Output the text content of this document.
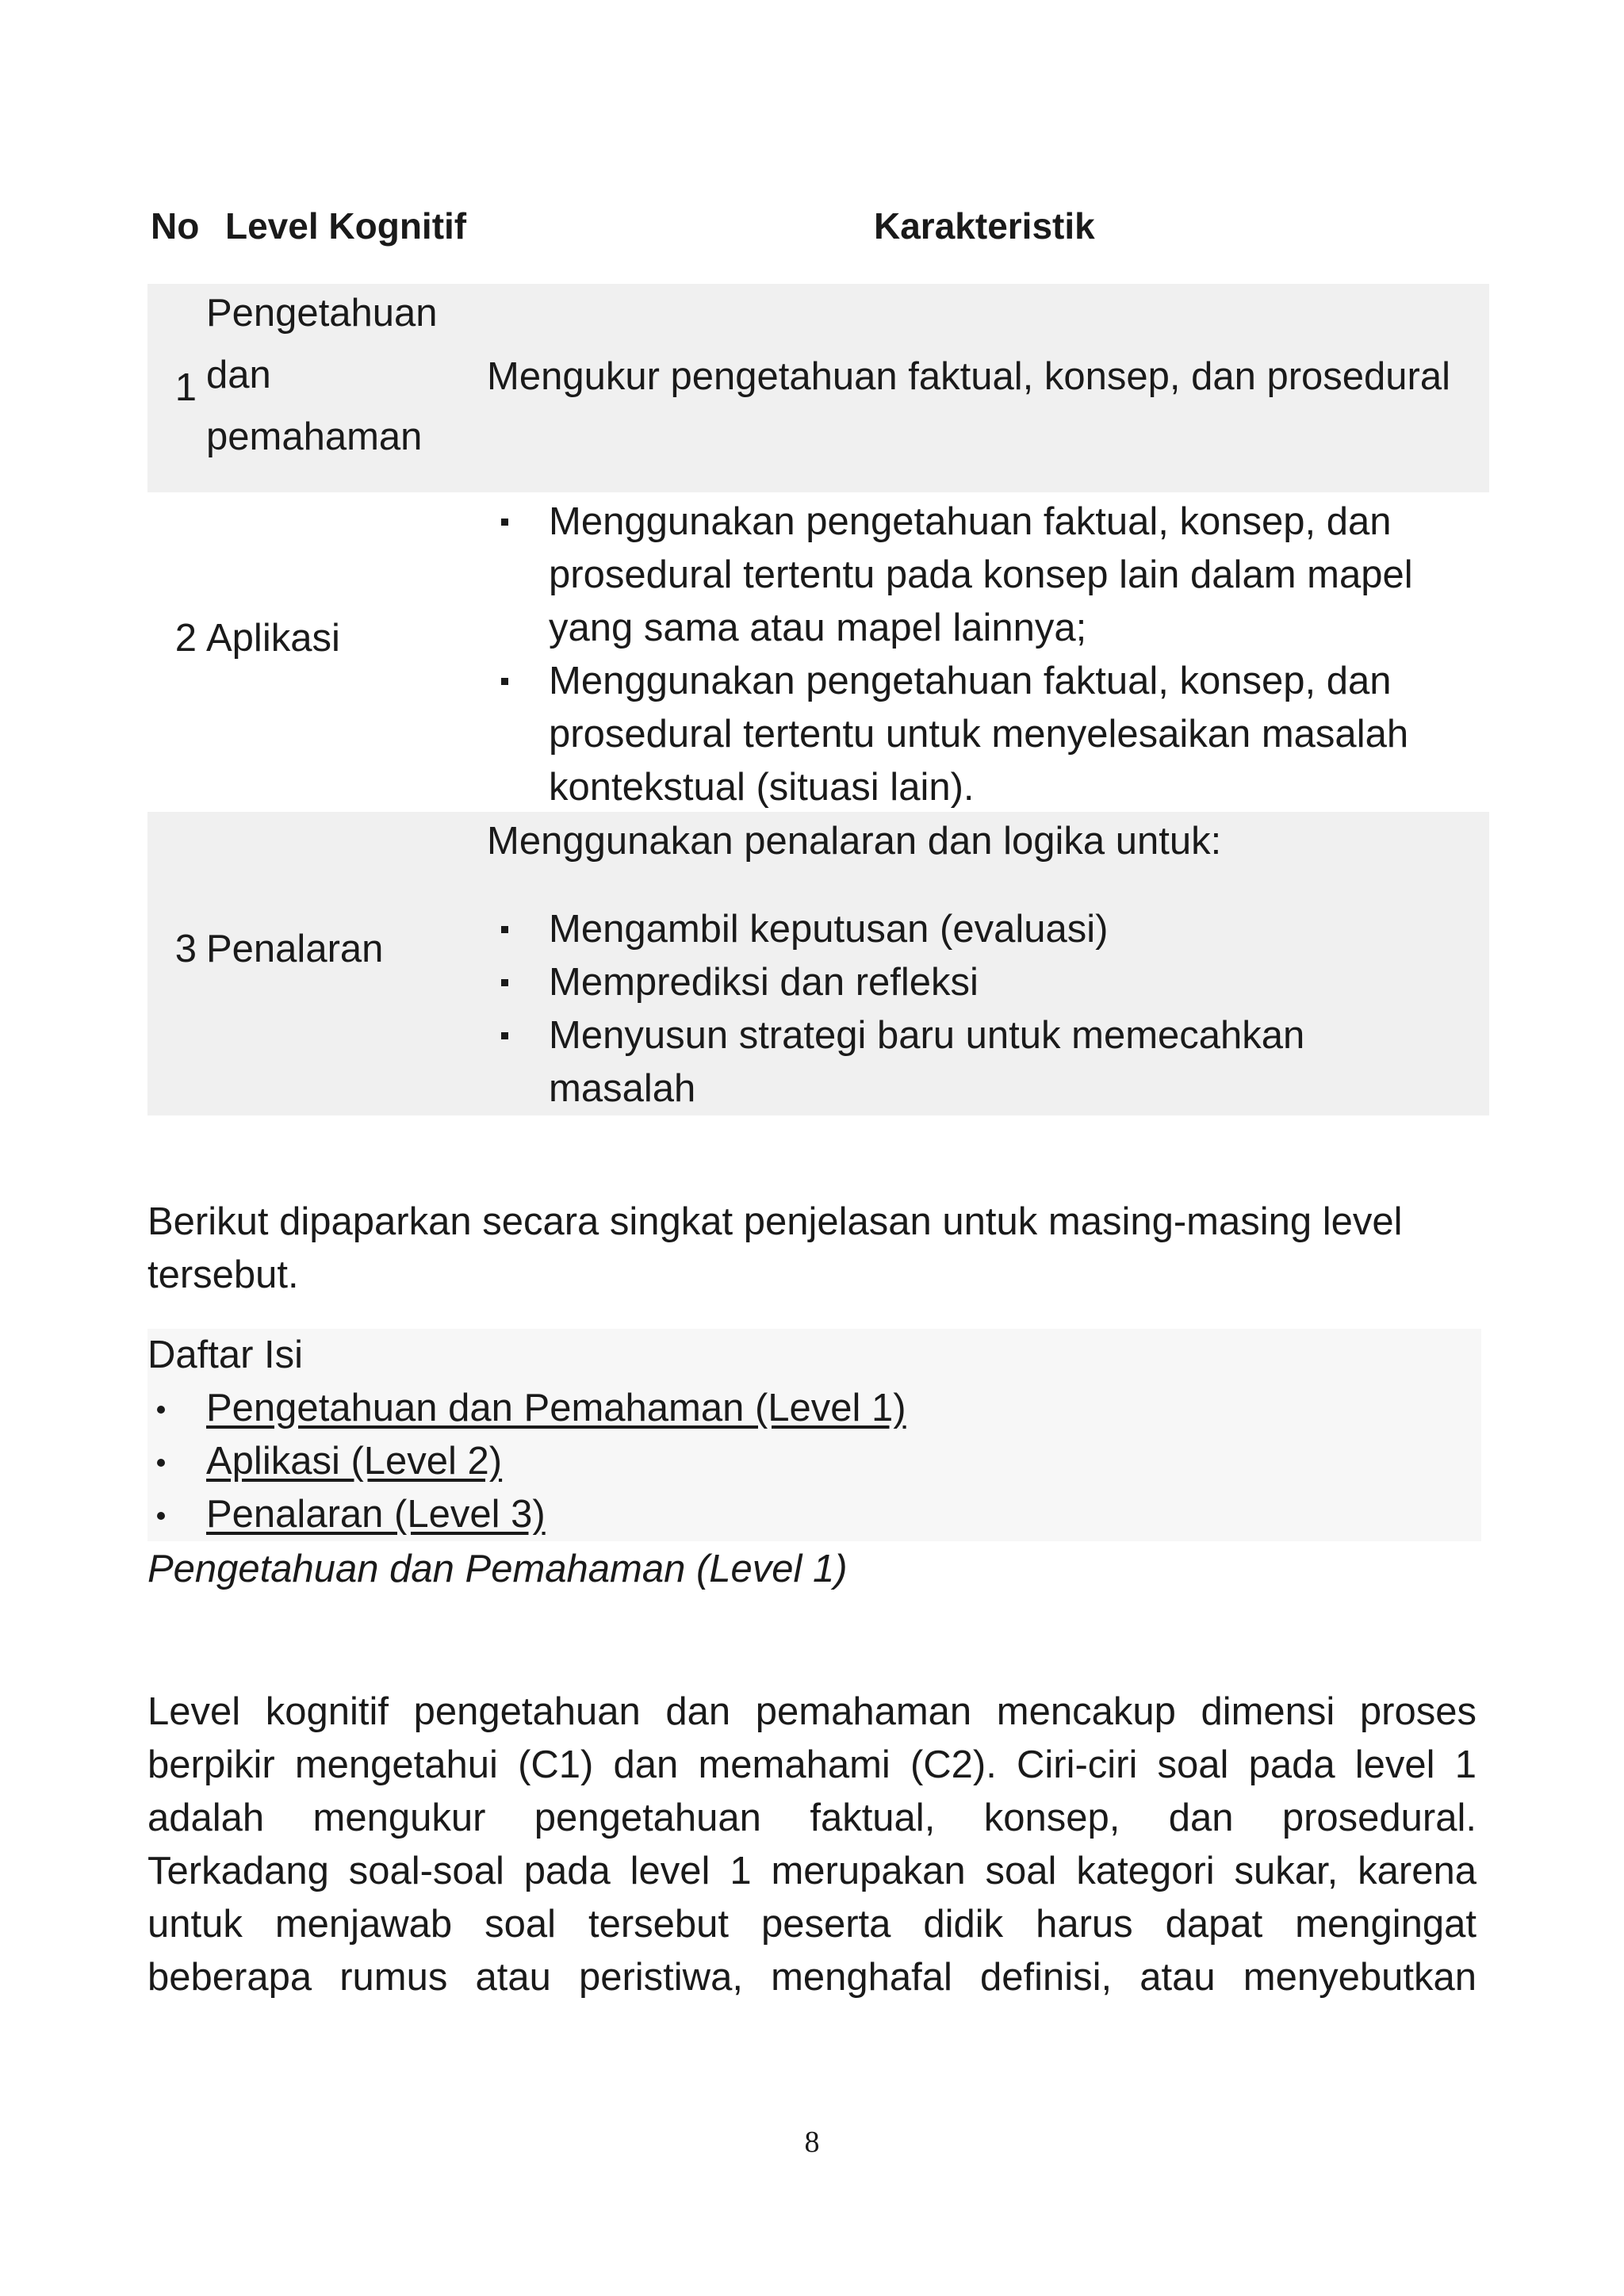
No Level Kognitif	Karakteristik
1
Pengetahuan
dan
pemahaman
Mengukur pengetahuan faktual, konsep, dan prosedural
2 Aplikasi
Menggunakan pengetahuan faktual, konsep, dan
prosedural tertentu pada konsep lain dalam mapel
yang sama atau mapel lainnya;
Menggunakan pengetahuan faktual, konsep, dan
prosedural tertentu untuk menyelesaikan masalah
kontekstual (situasi lain).
3 Penalaran
Menggunakan penalaran dan logika untuk:
Mengambil keputusan (evaluasi)
Memprediksi dan refleksi
Menyusun strategi baru untuk memecahkan
masalah
Berikut dipaparkan secara singkat penjelasan untuk masing-masing level
tersebut.
Daftar Isi
Pengetahuan dan Pemahaman (Level 1)
Aplikasi (Level 2)
Penalaran (Level 3)
Pengetahuan dan Pemahaman (Level 1)
Level kognitif pengetahuan dan pemahaman mencakup dimensi proses
berpikir mengetahui (C1) dan memahami (C2). Ciri-ciri soal pada level 1
adalah mengukur pengetahuan faktual, konsep, dan prosedural.
Terkadang soal-soal pada level 1 merupakan soal kategori sukar, karena
untuk menjawab soal tersebut peserta didik harus dapat mengingat
beberapa rumus atau peristiwa, menghafal definisi, atau menyebutkan
8
